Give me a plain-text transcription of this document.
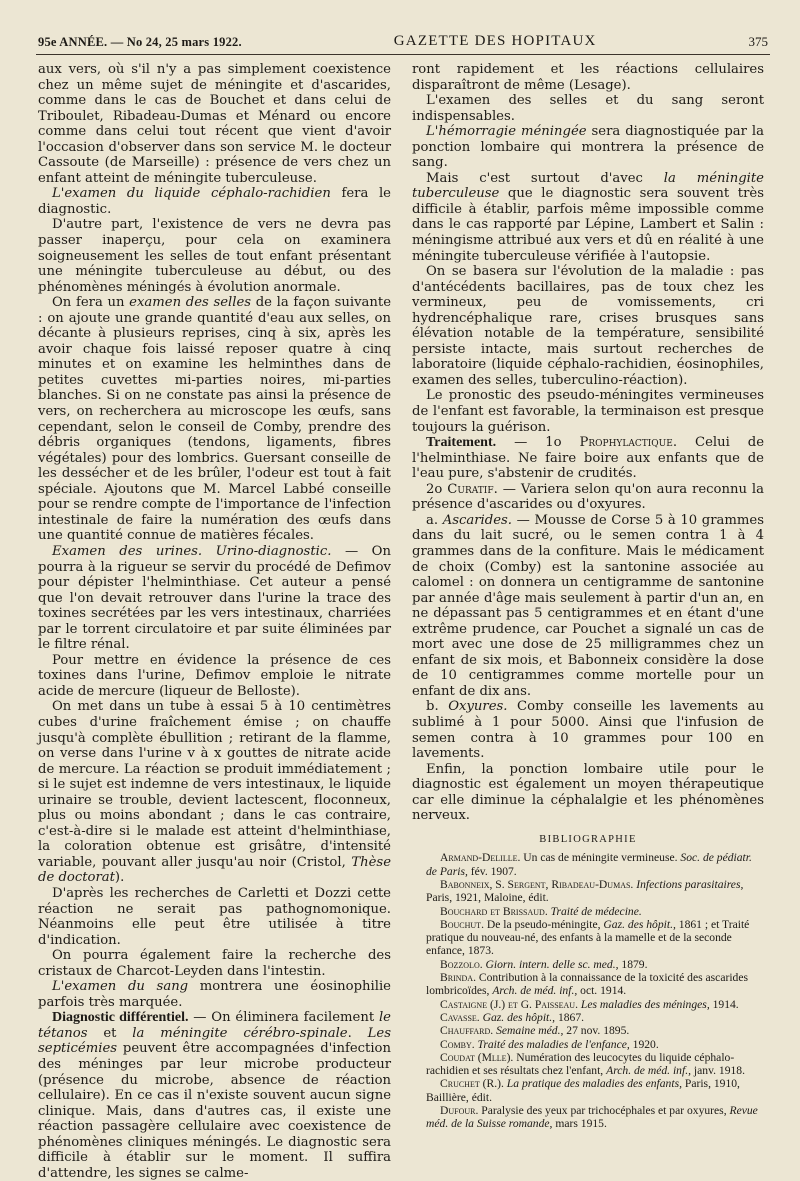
95e ANNÉE. — No 24, 25 mars 1922.	GAZETTE DES HOPITAUX	375

aux vers, où s'il n'y a pas simplement coexistence chez un même sujet de méningite et d'ascarides, comme dans le cas de Bouchet et dans celui de Triboulet, Ribadeau-Dumas et Ménard ou encore comme dans celui tout récent que vient d'avoir l'occasion d'observer dans son service M. le docteur Cassoute (de Marseille) : présence de vers chez un enfant atteint de méningite tuberculeuse.

L'examen du liquide céphalo-rachidien fera le diagnostic.

D'autre part, l'existence de vers ne devra pas passer inaperçu, pour cela on examinera soigneusement les selles de tout enfant présentant une méningite tuberculeuse au début, ou des phénomènes méningés à évolution anormale.

On fera un examen des selles de la façon suivante : on ajoute une grande quantité d'eau aux selles, on décante à plusieurs reprises, cinq à six, après les avoir chaque fois laissé reposer quatre à cinq minutes et on examine les helminthes dans de petites cuvettes mi-parties noires, mi-parties blanches. Si on ne constate pas ainsi la présence de vers, on recherchera au microscope les œufs, sans cependant, selon le conseil de Comby, prendre des débris organiques (tendons, ligaments, fibres végétales) pour des lombrics. Guersant conseille de les dessécher et de les brûler, l'odeur est tout à fait spéciale. Ajoutons que M. Marcel Labbé conseille pour se rendre compte de l'importance de l'infection intestinale de faire la numération des œufs dans une quantité connue de matières fécales.

Examen des urines. Urino-diagnostic. — On pourra à la rigueur se servir du procédé de Defimov pour dépister l'helminthiase. Cet auteur a pensé que l'on devait retrouver dans l'urine la trace des toxines secrétées par les vers intestinaux, charriées par le torrent circulatoire et par suite éliminées par le filtre rénal.

Pour mettre en évidence la présence de ces toxines dans l'urine, Defimov emploie le nitrate acide de mercure (liqueur de Belloste).

On met dans un tube à essai 5 à 10 centimètres cubes d'urine fraîchement émise ; on chauffe jusqu'à complète ébullition ; retirant de la flamme, on verse dans l'urine v à x gouttes de nitrate acide de mercure. La réaction se produit immédiatement ; si le sujet est indemne de vers intestinaux, le liquide urinaire se trouble, devient lactescent, floconneux, plus ou moins abondant ; dans le cas contraire, c'est-à-dire si le malade est atteint d'helminthiase, la coloration obtenue est grisâtre, d'intensité variable, pouvant aller jusqu'au noir (Cristol, Thèse de doctorat).

D'après les recherches de Carletti et Dozzi cette réaction ne serait pas pathognomonique. Néanmoins elle peut être utilisée à titre d'indication.

On pourra également faire la recherche des cristaux de Charcot-Leyden dans l'intestin.

L'examen du sang montrera une éosinophilie parfois très marquée.

Diagnostic différentiel. — On éliminera facilement le tétanos et la méningite cérébro-spinale. Les septicémies peuvent être accompagnées d'infection des méninges par leur microbe producteur (présence du microbe, absence de réaction cellulaire). En ce cas il n'existe souvent aucun signe clinique. Mais, dans d'autres cas, il existe une réaction passagère cellulaire avec coexistence de phénomènes cliniques méningés. Le diagnostic sera difficile à établir sur le moment. Il suffira d'attendre, les signes se calme-

ront rapidement et les réactions cellulaires disparaîtront de même (Lesage).

L'examen des selles et du sang seront indispensables.

L'hémorragie méningée sera diagnostiquée par la ponction lombaire qui montrera la présence de sang.

Mais c'est surtout d'avec la méningite tuberculeuse que le diagnostic sera souvent très difficile à établir, parfois même impossible comme dans le cas rapporté par Lépine, Lambert et Salin : méningisme attribué aux vers et dû en réalité à une méningite tuberculeuse vérifiée à l'autopsie.

On se basera sur l'évolution de la maladie : pas d'antécédents bacillaires, pas de toux chez les vermineux, peu de vomissements, cri hydrencéphalique rare, crises brusques sans élévation notable de la température, sensibilité persiste intacte, mais surtout recherches de laboratoire (liquide céphalo-rachidien, éosinophiles, examen des selles, tuberculino-réaction).

Le pronostic des pseudo-méningites vermineuses de l'enfant est favorable, la terminaison est presque toujours la guérison.

Traitement. — 1o Prophylactique. Celui de l'helminthiase. Ne faire boire aux enfants que de l'eau pure, s'abstenir de crudités.

2o Curatif. — Variera selon qu'on aura reconnu la présence d'ascarides ou d'oxyures.

a. Ascarides. — Mousse de Corse 5 à 10 grammes dans du lait sucré, ou le semen contra 1 à 4 grammes dans de la confiture. Mais le médicament de choix (Comby) est la santonine associée au calomel : on donnera un centigramme de santonine par année d'âge mais seulement à partir d'un an, en ne dépassant pas 5 centigrammes et en étant d'une extrême prudence, car Pouchet a signalé un cas de mort avec une dose de 25 milligrammes chez un enfant de six mois, et Babonneix considère la dose de 10 centigrammes comme mortelle pour un enfant de dix ans.

b. Oxyures. Comby conseille les lavements au sublimé à 1 pour 5000. Ainsi que l'infusion de semen contra à 10 grammes pour 100 en lavements.

Enfin, la ponction lombaire utile pour le diagnostic est également un moyen thérapeutique car elle diminue la céphalalgie et les phénomènes nerveux.

BIBLIOGRAPHIE

Armand-Delille. Un cas de méningite vermineuse. Soc. de pédiatr. de Paris, fév. 1907.

Babonneix, S. Sergent, Ribadeau-Dumas. Infections parasitaires, Paris, 1921, Maloine, édit.

Bouchard et Brissaud. Traité de médecine.

Bouchut. De la pseudo-méningite, Gaz. des hôpit., 1861 ; et Traité pratique du nouveau-né, des enfants à la mamelle et de la seconde enfance, 1873.

Bozzolo. Giorn. intern. delle sc. med., 1879.

Brinda. Contribution à la connaissance de la toxicité des ascarides lombricoïdes, Arch. de méd. inf., oct. 1914.

Castaigne (J.) et G. Paisseau. Les maladies des méninges, 1914.

Cavasse. Gaz. des hôpit., 1867.

Chauffard. Semaine méd., 27 nov. 1895.

Comby. Traité des maladies de l'enfance, 1920.

Coudat (Mlle). Numération des leucocytes du liquide céphalo-rachidien et ses résultats chez l'enfant, Arch. de méd. inf., janv. 1918.

Cruchet (R.). La pratique des maladies des enfants, Paris, 1910, Baillière, édit.

Dufour. Paralysie des yeux par trichocéphales et par oxyures, Revue méd. de la Suisse romande, mars 1915.
